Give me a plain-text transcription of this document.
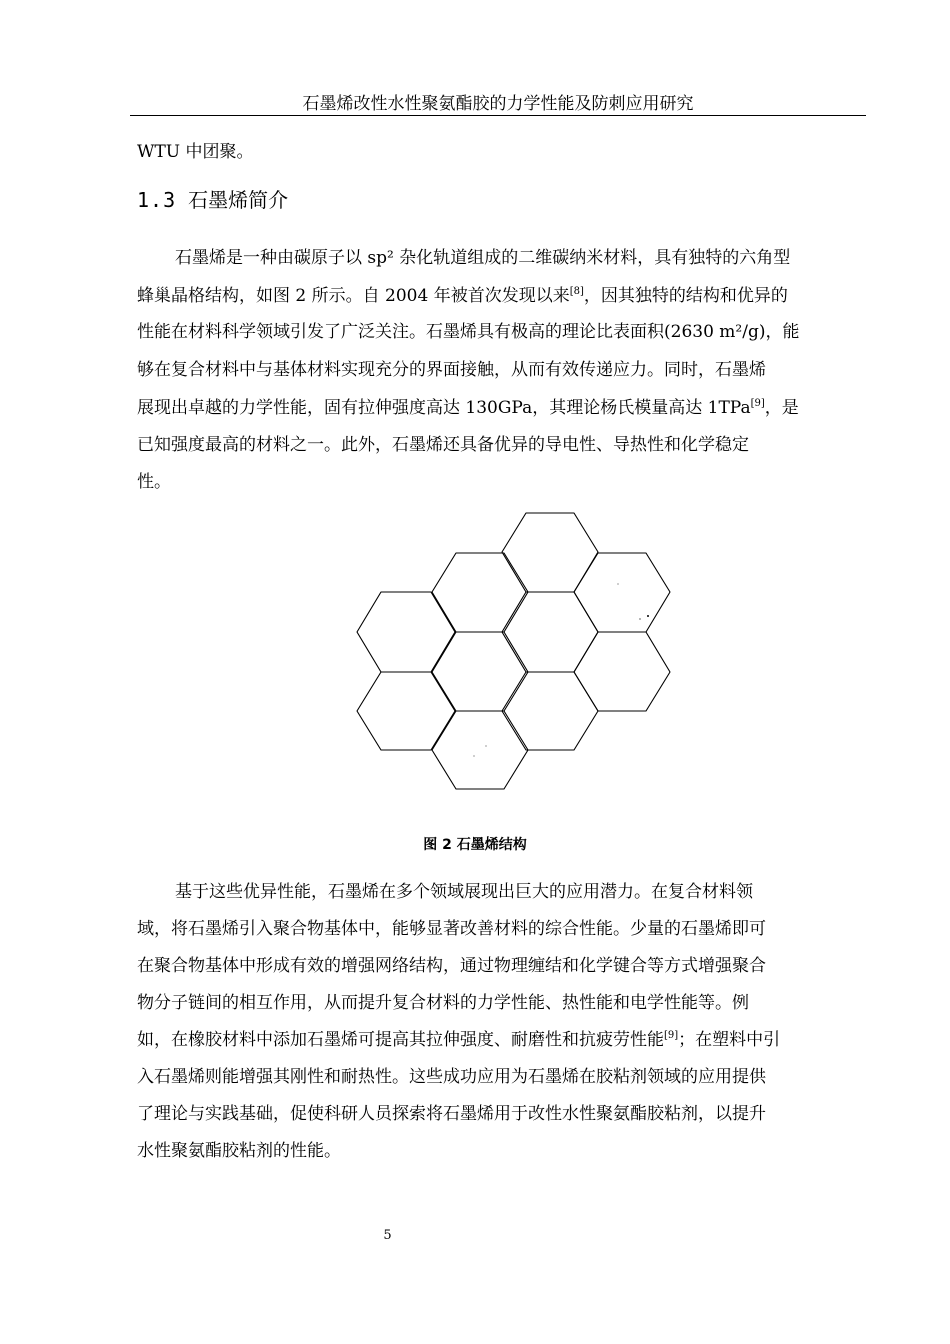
石墨烯改性水性聚氨酯胶的力学性能及防刺应用研究
WTU 中团聚。
1.3 石墨烯简介
石墨烯是一种由碳原子以 sp² 杂化轨道组成的二维碳纳米材料，具有独特的六角型
蜂巢晶格结构，如图 2 所示。自 2004 年被首次发现以来[8]，因其独特的结构和优异的
性能在材料科学领域引发了广泛关注。石墨烯具有极高的理论比表面积(2630 m²/g)，能
够在复合材料中与基体材料实现充分的界面接触，从而有效传递应力。同时，石墨烯
展现出卓越的力学性能，固有拉伸强度高达 130GPa，其理论杨氏模量高达 1TPa[9]，是
已知强度最高的材料之一。此外，石墨烯还具备优异的导电性、导热性和化学稳定
性。
图 2 石墨烯结构
基于这些优异性能，石墨烯在多个领域展现出巨大的应用潜力。在复合材料领
域，将石墨烯引入聚合物基体中，能够显著改善材料的综合性能。少量的石墨烯即可
在聚合物基体中形成有效的增强网络结构，通过物理缠结和化学键合等方式增强聚合
物分子链间的相互作用，从而提升复合材料的力学性能、热性能和电学性能等。例
如，在橡胶材料中添加石墨烯可提高其拉伸强度、耐磨性和抗疲劳性能[9]；在塑料中引
入石墨烯则能增强其刚性和耐热性。这些成功应用为石墨烯在胶粘剂领域的应用提供
了理论与实践基础，促使科研人员探索将石墨烯用于改性水性聚氨酯胶粘剂，以提升
水性聚氨酯胶粘剂的性能。
5
